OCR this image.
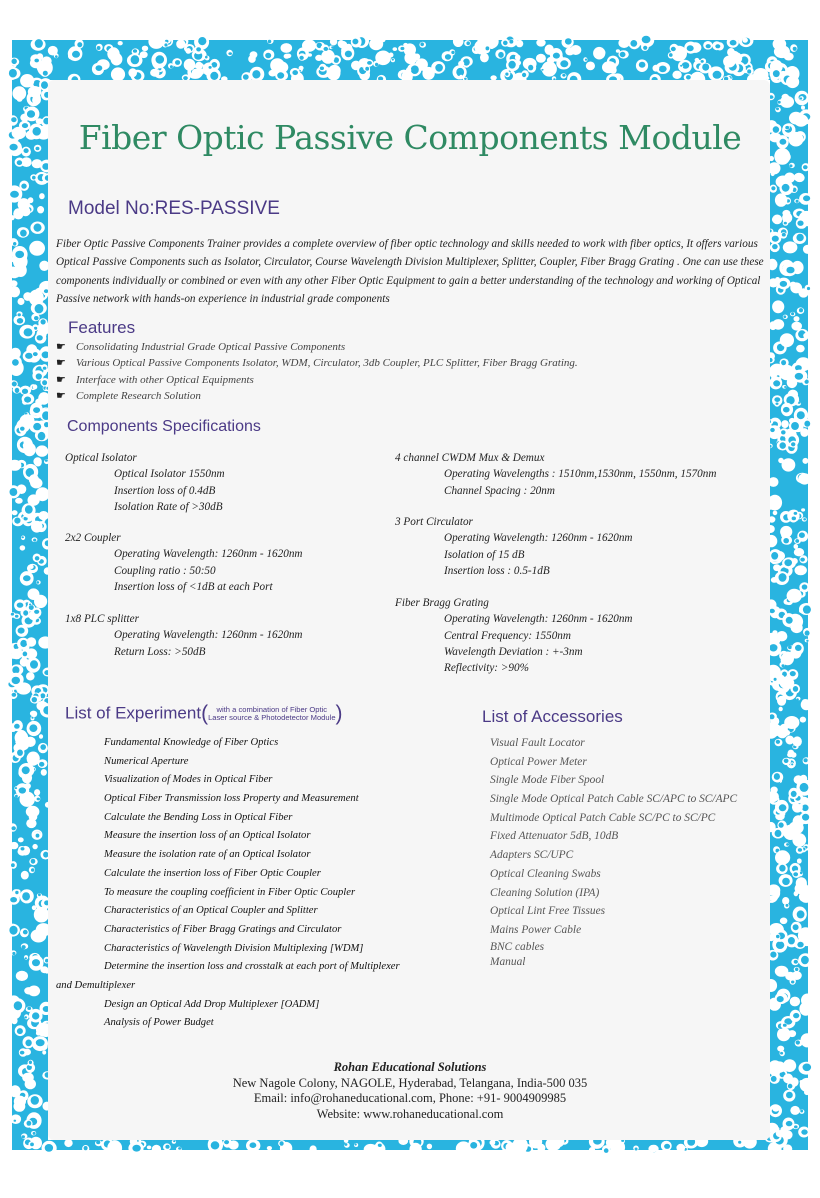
Fiber Optic Passive Components Module
Model No:RES-PASSIVE
Fiber Optic Passive Components Trainer provides a complete overview of fiber optic technology and skills needed to work with fiber optics, It offers various Optical Passive Components such as Isolator, Circulator, Course Wavelength Division Multiplexer, Splitter, Coupler, Fiber Bragg Grating . One can use these components individually or combined or even with any other Fiber Optic Equipment to gain a better understanding of the technology and working of Optical Passive network with hands-on experience in industrial grade components
Features
☛ Consolidating Industrial Grade Optical Passive Components
☛ Various Optical Passive Components Isolator, WDM, Circulator, 3db Coupler, PLC Splitter, Fiber Bragg Grating.
☛ Interface with other Optical Equipments
☛ Complete Research Solution
Components Specifications
Optical Isolator
Optical Isolator 1550nm
Insertion loss of 0.4dB
Isolation Rate of >30dB
2x2 Coupler
Operating Wavelength: 1260nm - 1620nm
Coupling ratio : 50:50
Insertion loss of <1dB at each Port
1x8 PLC splitter
Operating Wavelength: 1260nm - 1620nm
Return Loss: >50dB
4 channel CWDM Mux & Demux
Operating Wavelengths : 1510nm,1530nm, 1550nm, 1570nm
Channel Spacing : 20nm
3 Port Circulator
Operating Wavelength: 1260nm - 1620nm
Isolation of 15 dB
Insertion loss : 0.5-1dB
Fiber Bragg Grating
Operating Wavelength: 1260nm - 1620nm
Central Frequency: 1550nm
Wavelength Deviation : +-3nm
Reflectivity: >90%
List of Experiment( with a combination of Fiber Optic
Laser source & Photodetector Module)	List of Accessories
Fundamental Knowledge of Fiber Optics
Numerical Aperture
Visualization of Modes in Optical Fiber
Optical Fiber Transmission loss Property and Measurement
Calculate the Bending Loss in Optical Fiber
Measure the insertion loss of an Optical Isolator
Measure the isolation rate of an Optical Isolator
Calculate the insertion loss of Fiber Optic Coupler
To measure the coupling coefficient in Fiber Optic Coupler
Characteristics of an Optical Coupler and Splitter
Characteristics of Fiber Bragg Gratings and Circulator
Characteristics of Wavelength Division Multiplexing [WDM]
Determine the insertion loss and crosstalk at each port of Multiplexer
and Demultiplexer
Design an Optical Add Drop Multiplexer [OADM]
Analysis of Power Budget
Visual Fault Locator
Optical Power Meter
Single Mode Fiber Spool
Single Mode Optical Patch Cable SC/APC to SC/APC
Multimode Optical Patch Cable SC/PC to SC/PC
Fixed Attenuator 5dB, 10dB
Adapters SC/UPC
Optical Cleaning Swabs
Cleaning Solution (IPA)
Optical Lint Free Tissues
Mains Power Cable
BNC cables
Manual
Rohan Educational Solutions
New Nagole Colony, NAGOLE, Hyderabad, Telangana, India-500 035
Email: info@rohaneducational.com, Phone: +91- 9004909985
Website: www.rohaneducational.com
